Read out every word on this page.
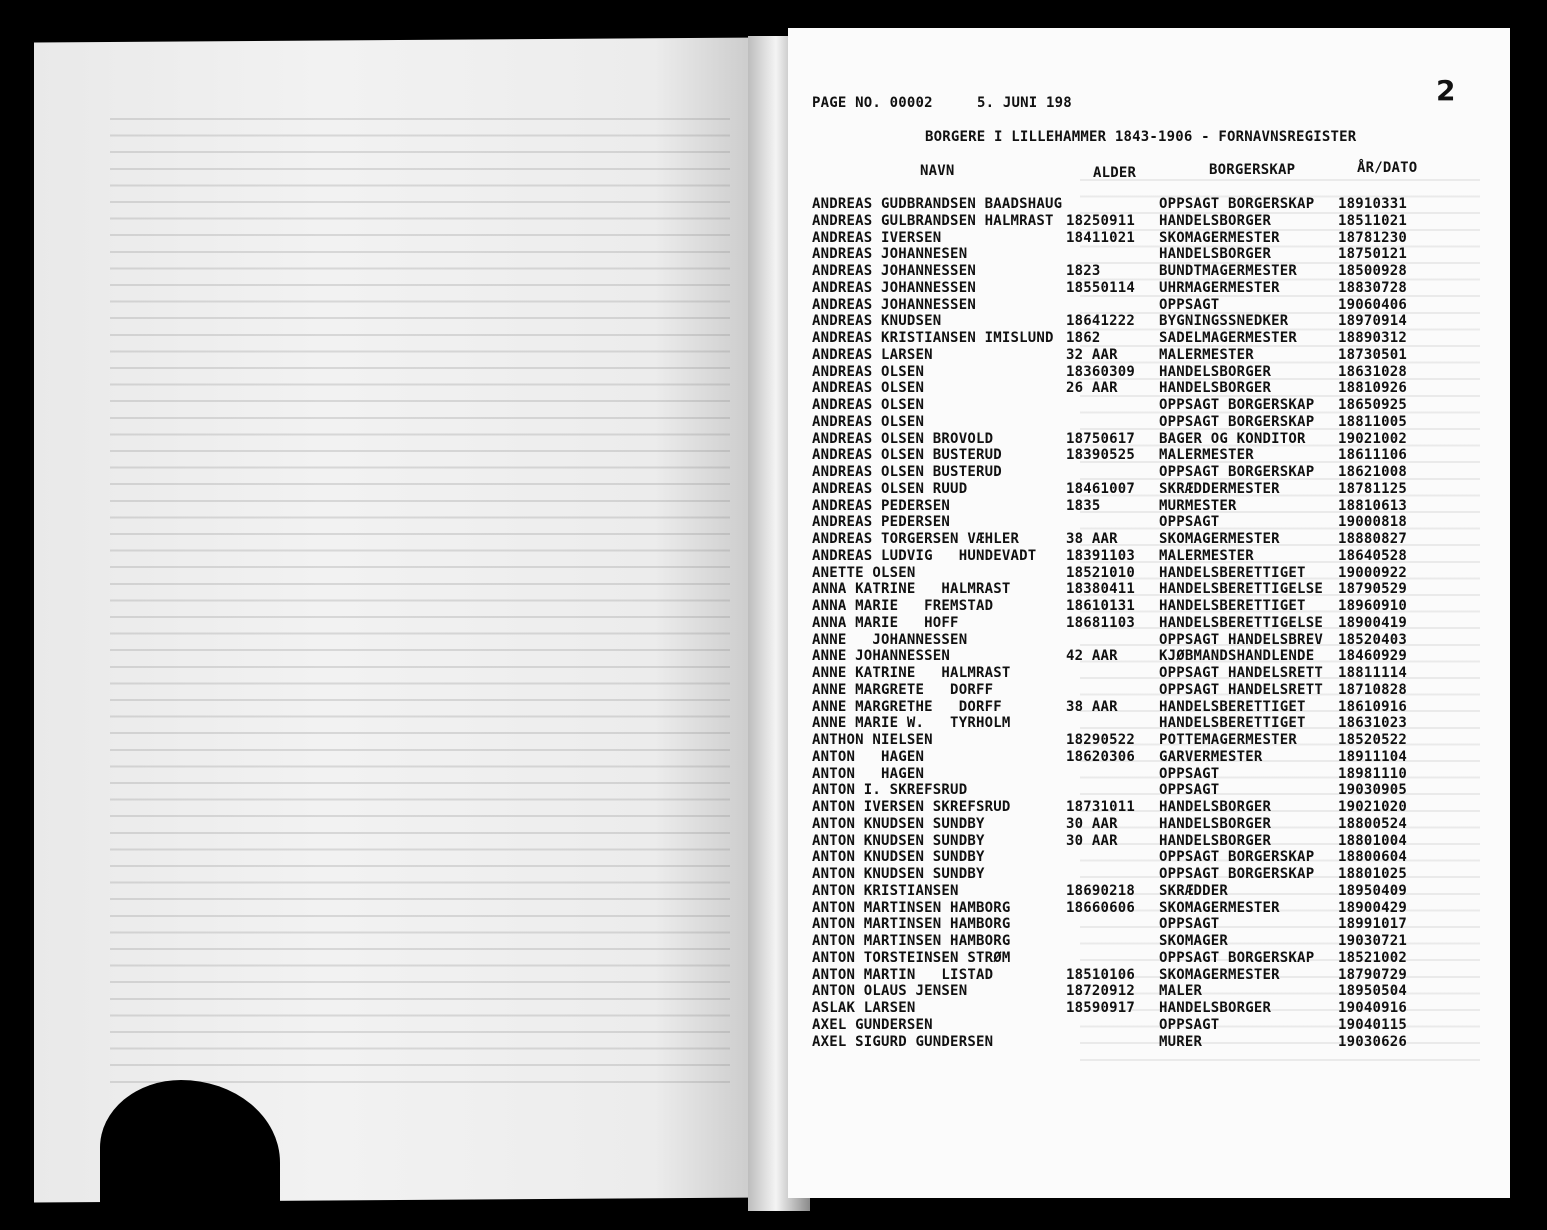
PAGE NO. 00002	5. JUNI 198	2
BORGERE I LILLEHAMMER 1843-1906 - FORNAVNSREGISTER
NAVN	ALDER	BORGERSKAP	ÅR/DATO
ANDREAS GUDBRANDSEN BAADSHAUG	OPPSAGT BORGERSKAP 18910331
ANDREAS GULBRANDSEN HALMRAST 18250911 HANDELSBORGER	18511021
ANDREAS IVERSEN	18411021 SKOMAGERMESTER	18781230
ANDREAS JOHANNESEN	HANDELSBORGER	18750121
ANDREAS JOHANNESSEN	1823	BUNDTMAGERMESTER	18500928
ANDREAS JOHANNESSEN	18550114 UHRMAGERMESTER	18830728
ANDREAS JOHANNESSEN	OPPSAGT	19060406
ANDREAS KNUDSEN	18641222 BYGNINGSSNEDKER	18970914
ANDREAS KRISTIANSEN IMISLUND 1862	SADELMAGERMESTER	18890312
ANDREAS LARSEN	32 AAR	MALERMESTER	18730501
ANDREAS OLSEN	18360309 HANDELSBORGER	18631028
ANDREAS OLSEN	26 AAR	HANDELSBORGER	18810926
ANDREAS OLSEN	OPPSAGT BORGERSKAP 18650925
ANDREAS OLSEN	OPPSAGT BORGERSKAP 18811005
ANDREAS OLSEN BROVOLD	18750617 BAGER OG KONDITOR 19021002
ANDREAS OLSEN BUSTERUD	18390525 MALERMESTER	18611106
ANDREAS OLSEN BUSTERUD	OPPSAGT BORGERSKAP 18621008
ANDREAS OLSEN RUUD	18461007 SKRÆDDERMESTER	18781125
ANDREAS PEDERSEN	1835	MURMESTER	18810613
ANDREAS PEDERSEN	OPPSAGT	19000818
ANDREAS TORGERSEN VÆHLER	38 AAR	SKOMAGERMESTER	18880827
ANDREAS LUDVIG   HUNDEVADT 18391103 MALERMESTER	18640528
ANETTE OLSEN	18521010 HANDELSBERETTIGET 19000922
ANNA KATRINE   HALMRAST	18380411 HANDELSBERETTIGELSE 18790529
ANNA MARIE   FREMSTAD	18610131 HANDELSBERETTIGET 18960910
ANNA MARIE   HOFF	18681103 HANDELSBERETTIGELSE 18900419
ANNE   JOHANNESSEN	OPPSAGT HANDELSBREV 18520403
ANNE JOHANNESSEN	42 AAR	KJØBMANDSHANDLENDE 18460929
ANNE KATRINE   HALMRAST	OPPSAGT HANDELSRETT 18811114
ANNE MARGRETE   DORFF	OPPSAGT HANDELSRETT 18710828
ANNE MARGRETHE   DORFF	38 AAR	HANDELSBERETTIGET 18610916
ANNE MARIE W.   TYRHOLM	HANDELSBERETTIGET 18631023
ANTHON NIELSEN	18290522 POTTEMAGERMESTER	18520522
ANTON   HAGEN	18620306 GARVERMESTER	18911104
ANTON   HAGEN	OPPSAGT	18981110
ANTON I. SKREFSRUD	OPPSAGT	19030905
ANTON IVERSEN SKREFSRUD	18731011 HANDELSBORGER	19021020
ANTON KNUDSEN SUNDBY	30 AAR	HANDELSBORGER	18800524
ANTON KNUDSEN SUNDBY	30 AAR	HANDELSBORGER	18801004
ANTON KNUDSEN SUNDBY	OPPSAGT BORGERSKAP 18800604
ANTON KNUDSEN SUNDBY	OPPSAGT BORGERSKAP 18801025
ANTON KRISTIANSEN	18690218 SKRÆDDER	18950409
ANTON MARTINSEN HAMBORG	18660606 SKOMAGERMESTER	18900429
ANTON MARTINSEN HAMBORG	OPPSAGT	18991017
ANTON MARTINSEN HAMBORG	SKOMAGER	19030721
ANTON TORSTEINSEN STRØM	OPPSAGT BORGERSKAP 18521002
ANTON MARTIN   LISTAD	18510106 SKOMAGERMESTER	18790729
ANTON OLAUS JENSEN	18720912 MALER	18950504
ASLAK LARSEN	18590917 HANDELSBORGER	19040916
AXEL GUNDERSEN	OPPSAGT	19040115
AXEL SIGURD GUNDERSEN	MURER	19030626
